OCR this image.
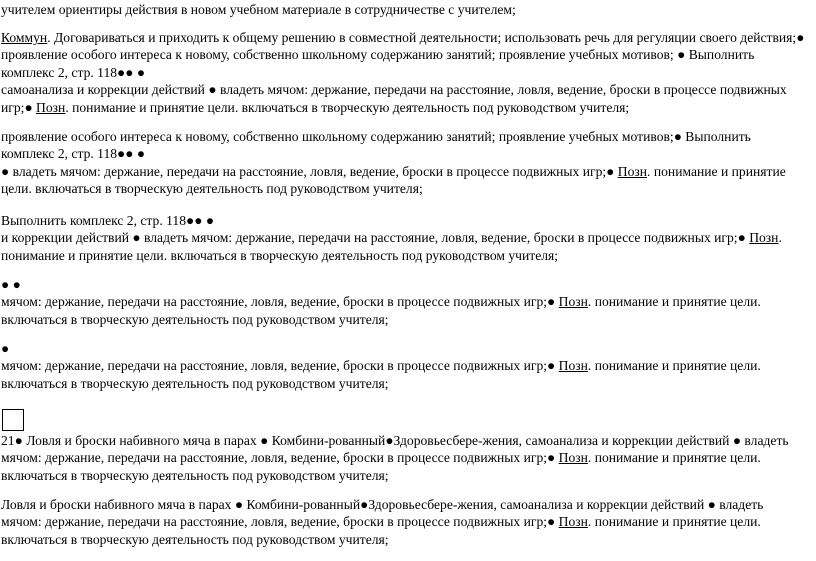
учителем ориентиры действия в новом учебном материале в сотрудничестве с учителем;

Коммун. Договариваться и приходить к общему решению в совместной деятельности; использовать речь для регуляции своего действия;● проявление особого интереса к новому, собственно школьному содержанию занятий; проявление учебных мотивов; ● Выполнить комплекс 2, стр. 118●● ●
самоанализа и коррекции действий ● владеть мячом: держание, передачи на расстояние, ловля, ведение, броски в процессе подвижных игр;● Позн. понимание и принятие цели. включаться в творческую деятельность под руководством учителя;

проявление особого интереса к новому, собственно школьному содержанию занятий; проявление учебных мотивов;● Выполнить комплекс 2, стр. 118●● ●
● владеть мячом: держание, передачи на расстояние, ловля, ведение, броски в процессе подвижных игр;● Позн. понимание и принятие цели. включаться в творческую деятельность под руководством учителя;

Выполнить комплекс 2, стр. 118●● ●
и коррекции действий ● владеть мячом: держание, передачи на расстояние, ловля, ведение, броски в процессе подвижных игр;● Позн. понимание и принятие цели. включаться в творческую деятельность под руководством учителя;

● ●
мячом: держание, передачи на расстояние, ловля, ведение, броски в процессе подвижных игр;● Позн. понимание и принятие цели. включаться в творческую деятельность под руководством учителя;

●
мячом: держание, передачи на расстояние, ловля, ведение, броски в процессе подвижных игр;● Позн. понимание и принятие цели. включаться в творческую деятельность под руководством учителя;

21● Ловля и броски набивного мяча в парах ● Комбини-рованный●Здоровьесбере-жения, самоанализа и коррекции действий ● владеть мячом: держание, передачи на расстояние, ловля, ведение, броски в процессе подвижных игр;● Позн. понимание и принятие цели. включаться в творческую деятельность под руководством учителя;

Ловля и броски набивного мяча в парах ● Комбини-рованный●Здоровьесбере-жения, самоанализа и коррекции действий ● владеть мячом: держание, передачи на расстояние, ловля, ведение, броски в процессе подвижных игр;● Позн. понимание и принятие цели. включаться в творческую деятельность под руководством учителя;
